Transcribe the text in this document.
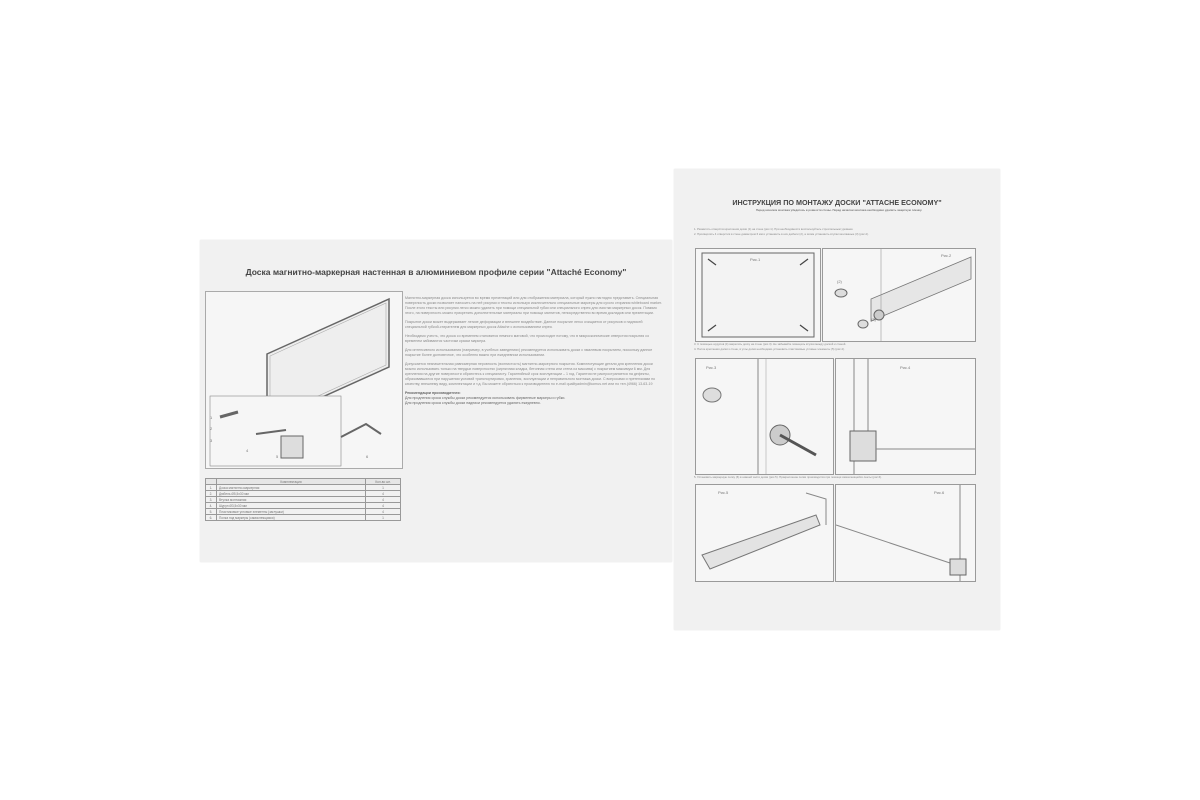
Доска магнитно-маркерная настенная в алюминиевом профиле серии "Attaché Economy"
1
2
3
4
5	6
	Комплектация	Кол-во шт.
1.	Доска магнитно-маркерная	1
2.	Дюбель Ø5,5х30 мм	4
3.	Втулка монтажная	4
4.	Шуруп Ø3,5х30 мм	4
5.	Пластиковые угловые элементы (заглушки)	4
6.	Полка под маркеры (самоклеящаяся)	1

Магнитно-маркерная доска используется во время презентаций или для отображения материала, который нужно наглядно представить. Специальная поверхность доски позволяет наносить на неё рисунки и тексты используя исключительно специальные маркеры для сухого стирания whiteboard marker. После этого тексты или рисунки легко можно удалить при помощи специальной губки или специального спрея для очистки маркерных досок. Помимо этого, на поверхность можно прикрепить дополнительные материалы при помощи магнитов, непосредственно во время докладов или презентации.

Покрытие доски может выдерживает легкие деформации и внешнее воздействие. Данное покрытие легко очищается от рисунков и надписей специальной губкой-стирателем для маркерных досок Attache с использованием спрея.

Необходимо учесть, что доска со временем становится немного матовой, что происходит потому, что в микроскопические отверстия покрытия со временем забиваются частички краски маркера.

Для интенсивного использования (например, в учебных заведениях) рекомендуется использовать доски с эмалевым покрытием, поскольку данное покрытие более долговечное, что особенно важно при ежедневном использовании.

Допускается незначительная равномерная неровность (волнистость) магнитно-маркерного покрытия. Комплектующие детали для крепления доски можно использовать только на твердых поверхностях (кирпичная кладка, бетонная стена или стена из массива) с покрытием максимум 6 мм. Для крепления на другие поверхности обратитесь к специалисту. Гарантийный срок эксплуатации – 1 год. Гарантия не распространяется на дефекты, образовавшиеся при нарушении условий транспортировки, хранения, эксплуатации и неправильного монтажа доски. С вопросами и претензиями по качеству, внешнему виду, комплектации и т.д. Вы можете обратиться к производителю по e-mail qualityadmin@komus.net или по тел.(4966) 13-63-19

Рекомендации производителя:
Для продления срока службы доски рекомендуется использовать фирменные маркеры и губки.
Для продления срока службы доски надписи рекомендуется удалять ежедневно.
ИНСТРУКЦИЯ ПО МОНТАЖУ ДОСКИ "ATTACHE ECONOMY"
Перед началом монтажа убедитесь в ровности стены. Перед началом монтажа необходимо удалить защитную пленку.
1. Разметить отверстия крепления доски (1) на стене (рис.1). При необходимости воспользуйтесь строительным уровнем.
2. Просверлить 4 отверстия в стене диаметром 6 мм и установить в них дюбели (2), а затем установить втулки монтажные (3) (рис.2).
Рис.1
Рис.2
(2)
(3)
3. С помощью шурупов (4) закрепить доску на стене (рис.3). Не забывайте помещать втулки между доской и стеной.
4. После крепления доски к стене, в углы доски необходимо установить пластиковые угловые элементы (5) (рис.4).
Рис.3	Рис.4
5. Установить маркерную полку (6) в нижней части доски (рис.5). Прикрепление полки производится при помощи самоклеящейся ленты (рис.6).
Рис.5	Рис.6
